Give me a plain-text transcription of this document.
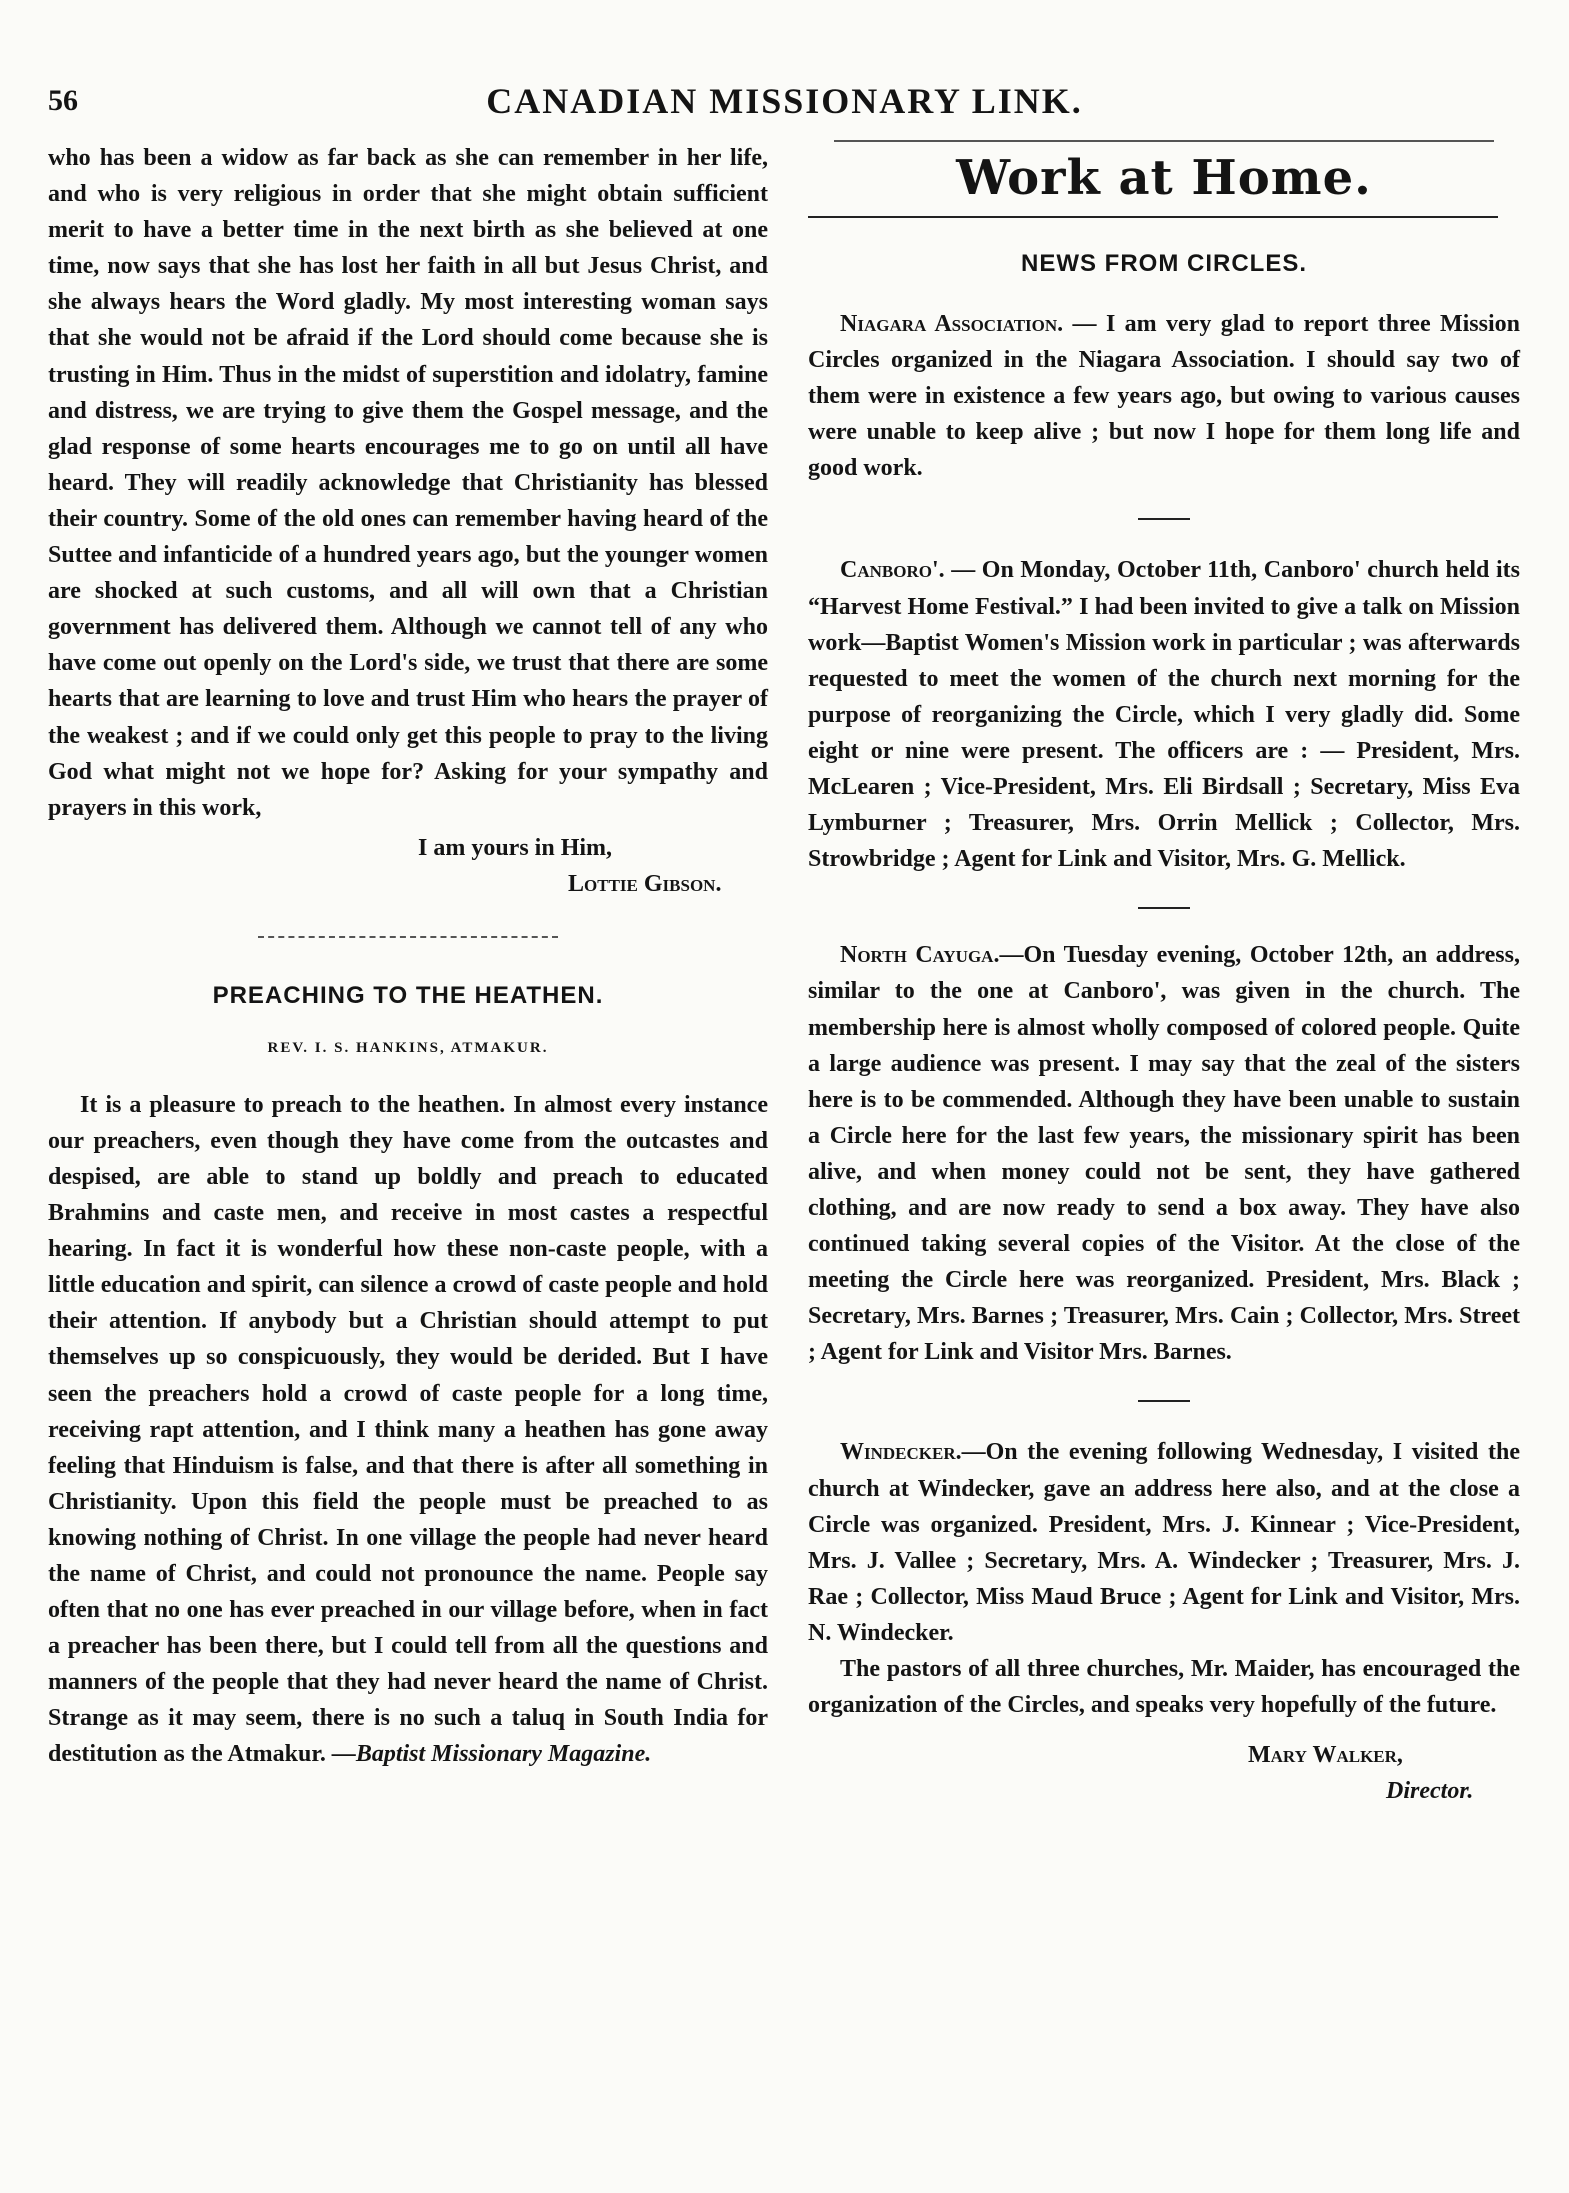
56	CANADIAN MISSIONARY LINK.

who has been a widow as far back as she can remember in her life, and who is very religious in order that she might obtain sufficient merit to have a better time in the next birth as she believed at one time, now says that she has lost her faith in all but Jesus Christ, and she always hears the Word gladly. My most interesting woman says that she would not be afraid if the Lord should come because she is trusting in Him. Thus in the midst of superstition and idolatry, famine and distress, we are trying to give them the Gospel message, and the glad response of some hearts encourages me to go on until all have heard. They will readily acknowledge that Christianity has blessed their country. Some of the old ones can remember having heard of the Suttee and infanticide of a hundred years ago, but the younger women are shocked at such customs, and all will own that a Christian government has delivered them. Although we cannot tell of any who have come out openly on the Lord's side, we trust that there are some hearts that are learning to love and trust Him who hears the prayer of the weakest ; and if we could only get this people to pray to the living God what might not we hope for? Asking for your sympathy and prayers in this work,

I am yours in Him,
Lottie Gibson.
PREACHING TO THE HEATHEN.
REV. I. S. HANKINS, ATMAKUR.

It is a pleasure to preach to the heathen. In almost every instance our preachers, even though they have come from the outcastes and despised, are able to stand up boldly and preach to educated Brahmins and caste men, and receive in most castes a respectful hearing. In fact it is wonderful how these non-caste people, with a little education and spirit, can silence a crowd of caste people and hold their attention. If anybody but a Christian should attempt to put themselves up so conspicuously, they would be derided. But I have seen the preachers hold a crowd of caste people for a long time, receiving rapt attention, and I think many a heathen has gone away feeling that Hinduism is false, and that there is after all something in Christianity. Upon this field the people must be preached to as knowing nothing of Christ. In one village the people had never heard the name of Christ, and could not pronounce the name. People say often that no one has ever preached in our village before, when in fact a preacher has been there, but I could tell from all the questions and manners of the people that they had never heard the name of Christ. Strange as it may seem, there is no such a taluq in South India for destitution as the Atmakur. —Baptist Missionary Magazine.

Work at Home.
NEWS FROM CIRCLES.

Niagara Association. — I am very glad to report three Mission Circles organized in the Niagara Association. I should say two of them were in existence a few years ago, but owing to various causes were unable to keep alive ; but now I hope for them long life and good work.

Canboro'. — On Monday, October 11th, Canboro' church held its “Harvest Home Festival.” I had been invited to give a talk on Mission work—Baptist Women's Mission work in particular ; was afterwards requested to meet the women of the church next morning for the purpose of reorganizing the Circle, which I very gladly did. Some eight or nine were present. The officers are : — President, Mrs. McLearen ; Vice-President, Mrs. Eli Birdsall ; Secretary, Miss Eva Lymburner ; Treasurer, Mrs. Orrin Mellick ; Collector, Mrs. Strowbridge ; Agent for Link and Visitor, Mrs. G. Mellick.

North Cayuga.—On Tuesday evening, October 12th, an address, similar to the one at Canboro', was given in the church. The membership here is almost wholly composed of colored people. Quite a large audience was present. I may say that the zeal of the sisters here is to be commended. Although they have been unable to sustain a Circle here for the last few years, the missionary spirit has been alive, and when money could not be sent, they have gathered clothing, and are now ready to send a box away. They have also continued taking several copies of the Visitor. At the close of the meeting the Circle here was reorganized. President, Mrs. Black ; Secretary, Mrs. Barnes ; Treasurer, Mrs. Cain ; Collector, Mrs. Street ; Agent for Link and Visitor Mrs. Barnes.

Windecker.—On the evening following Wednesday, I visited the church at Windecker, gave an address here also, and at the close a Circle was organized. President, Mrs. J. Kinnear ; Vice-President, Mrs. J. Vallee ; Secretary, Mrs. A. Windecker ; Treasurer, Mrs. J. Rae ; Collector, Miss Maud Bruce ; Agent for Link and Visitor, Mrs. N. Windecker.

The pastors of all three churches, Mr. Maider, has encouraged the organization of the Circles, and speaks very hopefully of the future.

Mary Walker,
Director.
